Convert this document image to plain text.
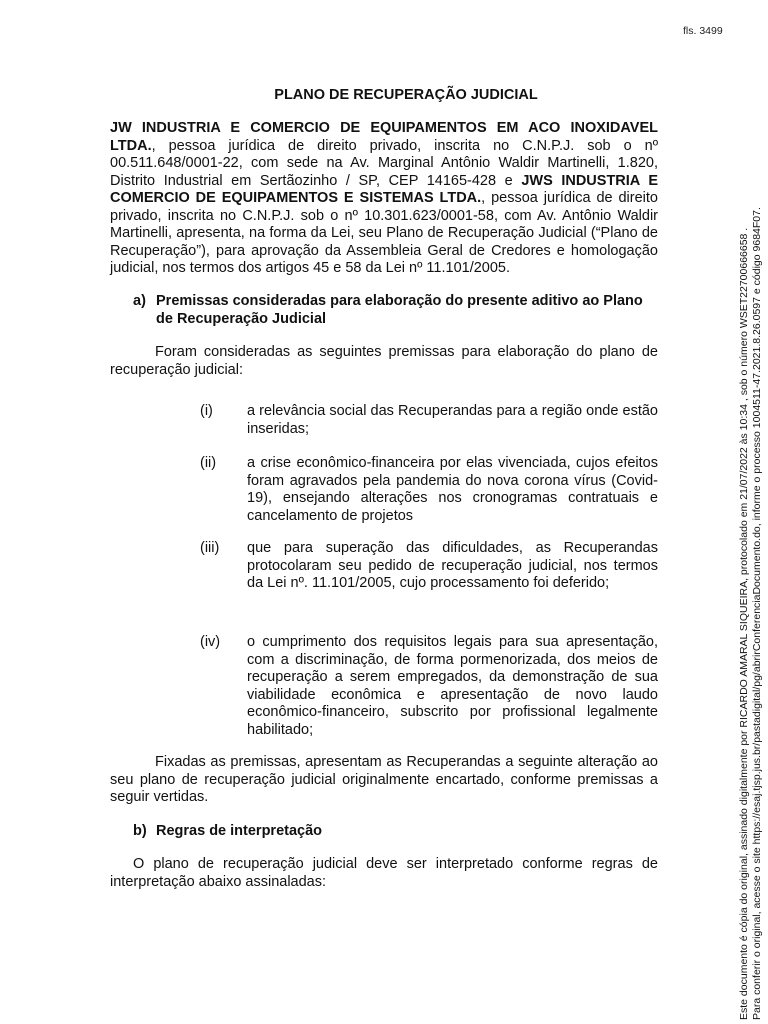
fls. 3499
PLANO DE RECUPERAÇÃO JUDICIAL
JW INDUSTRIA E COMERCIO DE EQUIPAMENTOS EM ACO INOXIDAVEL LTDA., pessoa jurídica de direito privado, inscrita no C.N.P.J. sob o nº 00.511.648/0001-22, com sede na Av. Marginal Antônio Waldir Martinelli, 1.820, Distrito Industrial em Sertãozinho / SP, CEP 14165-428 e JWS INDUSTRIA E COMERCIO DE EQUIPAMENTOS E SISTEMAS LTDA., pessoa jurídica de direito privado, inscrita no C.N.P.J. sob o nº 10.301.623/0001-58, com Av. Antônio Waldir Martinelli, apresenta, na forma da Lei, seu Plano de Recuperação Judicial (“Plano de Recuperação”), para aprovação da Assembleia Geral de Credores e homologação judicial, nos termos dos artigos 45 e 58 da Lei nº 11.101/2005.
a) Premissas consideradas para elaboração do presente aditivo ao Plano de Recuperação Judicial
Foram consideradas as seguintes premissas para elaboração do plano de recuperação judicial:
(i)	a relevância social das Recuperandas para a região onde estão inseridas;
(ii)	a crise econômico-financeira por elas vivenciada, cujos efeitos foram agravados pela pandemia do nova corona vírus (Covid-19), ensejando alterações nos cronogramas contratuais e cancelamento de projetos
(iii)	que para superação das dificuldades, as Recuperandas protocolaram seu pedido de recuperação judicial, nos termos da Lei nº. 11.101/2005, cujo processamento foi deferido;
(iv)	o cumprimento dos requisitos legais para sua apresentação, com a discriminação, de forma pormenorizada, dos meios de recuperação a serem empregados, da demonstração de sua viabilidade econômica e apresentação de novo laudo econômico-financeiro, subscrito por profissional legalmente habilitado;
Fixadas as premissas, apresentam as Recuperandas a seguinte alteração ao seu plano de recuperação judicial originalmente encartado, conforme premissas a seguir vertidas.
b) Regras de interpretação
O plano de recuperação judicial deve ser interpretado conforme regras de interpretação abaixo assinaladas:	Este documento é cópia do original, assinado digitalmente por RICARDO AMARAL SIQUEIRA, protocolado em 21/07/2022 às 10:34 , sob o número WSET22700666658 . Para conferir o original, acesse o site https://esaj.tjsp.jus.br/pastadigital/pg/abrirConferenciaDocumento.do, informe o processo 1004511-47.2021.8.26.0597 e código 9684F07.
